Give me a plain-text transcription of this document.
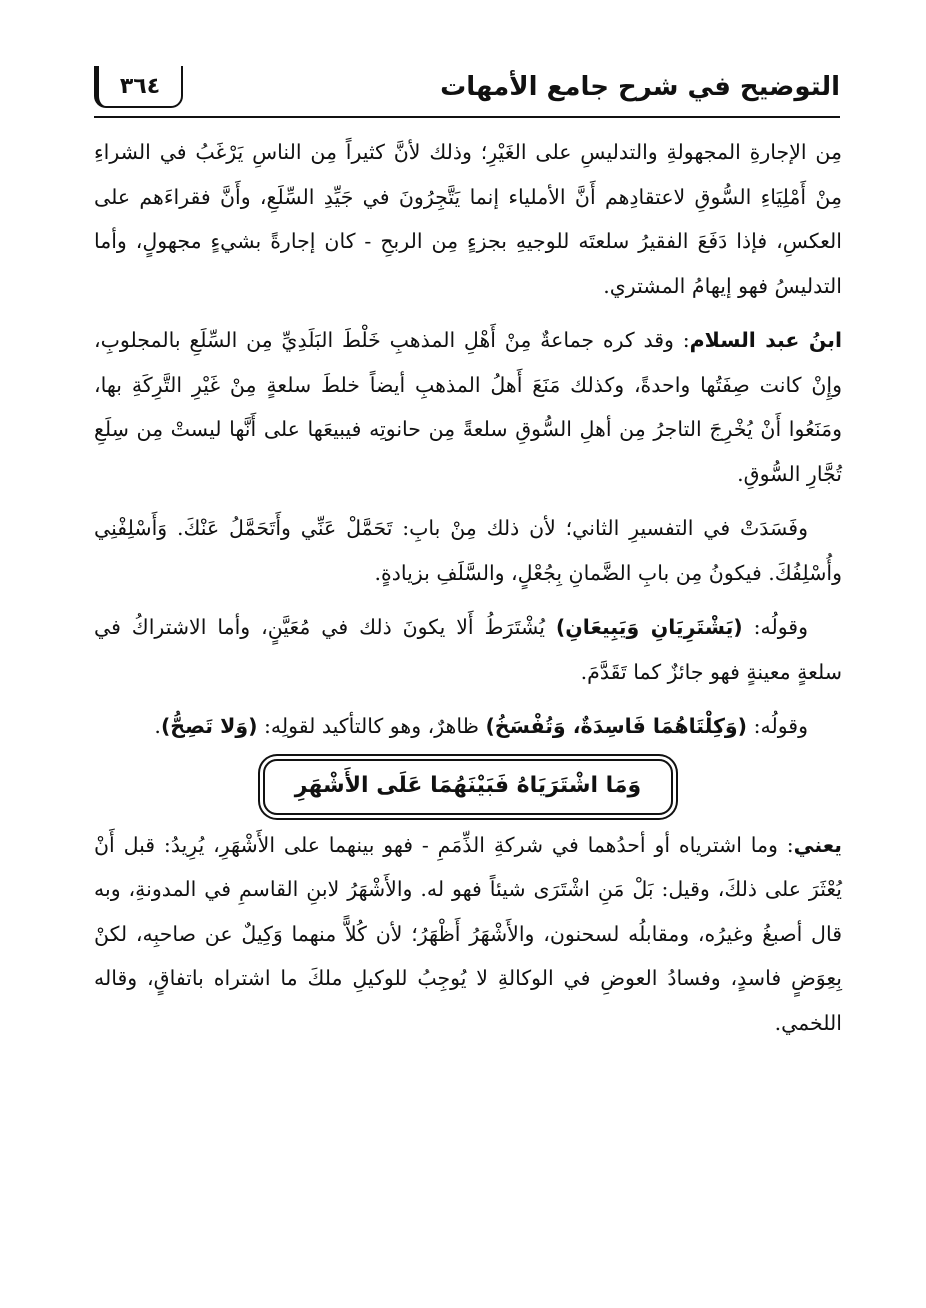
التوضيح في شرح جامع الأمهات
٣٦٤

مِن الإجارةِ المجهولةِ والتدليسِ على الغَيْرِ؛ وذلك لأنَّ كثيراً مِن الناسِ يَرْغَبُ في الشراءِ مِنْ أَمْلِيَاءِ السُّوقِ لاعتقادِهم أَنَّ الأملياء إنما يَتَّجِرُونَ في جَيِّدِ السِّلَعِ، وأَنَّ فقراءَهم على العكسِ، فإذا دَفَعَ الفقيرُ سلعتَه للوجيهِ بجزءٍ مِن الربحِ - كان إجارةً بشيءٍ مجهولٍ، وأما التدليسُ فهو إيهامُ المشتري.

ابنُ عبد السلام: وقد كره جماعةٌ مِنْ أَهْلِ المذهبِ خَلْطَ البَلَدِيِّ مِن السِّلَعِ بالمجلوبِ، وإِنْ كانت صِفَتُها واحدةً، وكذلك مَنَعَ أَهلُ المذهبِ أيضاً خلطَ سلعةٍ مِنْ غَيْرِ التَّرِكَةِ بها، ومَنَعُوا أَنْ يُخْرِجَ التاجرُ مِن أهلِ السُّوقِ سلعةً مِن حانوتِه فيبيعَها على أَنَّها ليستْ مِن سِلَعِ تُجَّارِ السُّوقِ.

وفَسَدَتْ في التفسيرِ الثاني؛ لأن ذلك مِنْ بابِ: تَحَمَّلْ عَنِّي وأَتَحَمَّلُ عَنْكَ. وَأَسْلِفْنِي وأُسْلِفُكَ. فيكونُ مِن بابِ الضَّمانِ بِجُعْلٍ، والسَّلَفِ بزيادةٍ.

وقولُه: (يَشْتَرِيَانِ وَيَبِيعَانِ) يُشْتَرَطُ أَلا يكونَ ذلك في مُعَيَّنٍ، وأما الاشتراكُ في سلعةٍ معينةٍ فهو جائزٌ كما تَقَدَّمَ.

وقولُه: (وَكِلْتَاهُمَا فَاسِدَةٌ، وَتُفْسَخُ) ظاهرٌ، وهو كالتأكيد لقولِه: (وَلا تَصِحُّ).

وَمَا اشْتَرَيَاهُ فَبَيْنَهُمَا عَلَى الأَشْهَرِ

يعني: وما اشترياه أو أحدُهما في شركةِ الذِّمَمِ - فهو بينهما على الأَشْهَرِ، يُرِيدُ: قبل أَنْ يُعْثَرَ على ذلكَ، وقيل: بَلْ مَنِ اشْتَرَى شيئاً فهو له. والأَشْهَرُ لابنِ القاسمِ في المدونةِ، وبه قال أصبغُ وغيرُه، ومقابلُه لسحنون، والأَشْهَرُ أَظْهَرُ؛ لأن كُلاًّ منهما وَكِيلٌ عن صاحبِه، لكنْ بِعِوَضٍ فاسدٍ، وفسادُ العوضِ في الوكالةِ لا يُوجِبُ للوكيلِ ملكَ ما اشتراه باتفاقٍ، وقاله اللخمي.
